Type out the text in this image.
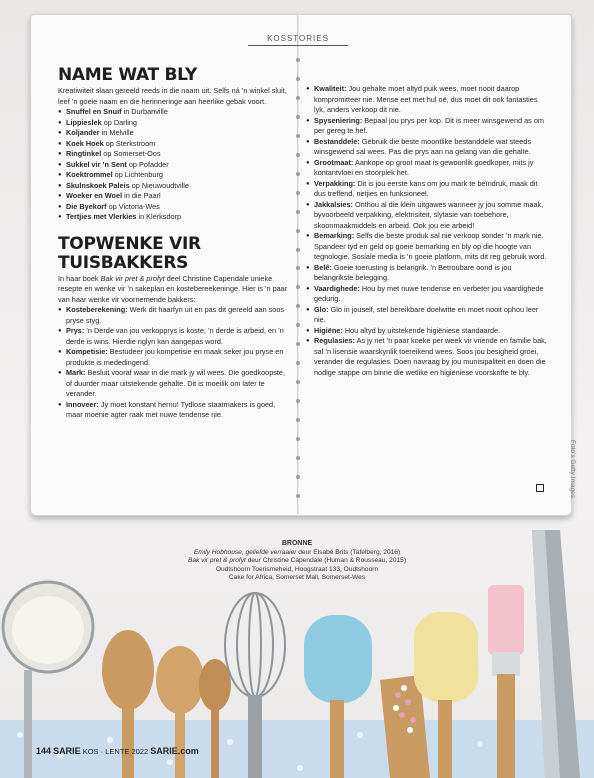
KOSSTORIES
NAME WAT BLY

Kreatiwiteit slaan gereeld reeds in die naam uit. Selfs ná ’n winkel sluit, leef ’n goeie naam en die herinneringe aan heerlike gebak voort.

● Snuffel en Snuif in Durbanville
● Lippieslek op Darling
● Koljander in Melville
● Koek Hoek op Sterkstroom
● Ringtinkel op Somerset-Oos
● Sukkel vir ’n Sent op Pofadder
● Koektrommel op Lichtenburg
● Skulnskoek Paleis op Nieuwoudtville
● Woeker en Woel in die Paarl
● Die Byekorf op Victoria-Wes
● Tertjies met Vlerkies in Klerksdorp
TOPWENKE VIR TUISBAKKERS

In haar boek Bak vir pret & profyt deel Christine Capendale unieke resepte en wenke vir ’n sakeplan en kostebereekeninge. Hier is ’n paar van haar wenke vir voornemende bakkers:

● Kosteberekening: Werk dit haarfyn uit en pas dit gereeld aan soos pryse styg.
● Prys: ’n Derde van jou verkopprys is koste, ’n derde is arbeid, en ’n derde is wins. Hierdie riglyn kan aangepas word.
● Kompetisie: Bestudeer jou kompetisie en maak seker jou pryse en produkte is mededingend.
● Mark: Besluit vooraf waar in die mark jy wil wees. Die goedkoopste, of duurder maar uitstekende gehalte. Dit is moeilik om later te verander.
● Innoveer: Jy moet konstant hernu! Tydlose staatmakers is goed, maar moenie agter raak met nuwe tendense nie.
● Kwaliteit: Jou gehalte moet altyd puik wees, moet nooit daarop kompromitteer nie. Mense eet met hul oë, dus moet dit ook fantasties lyk, anders verkoop dit nie.
● Spyseniering: Bepaal jou prys per kop. Dit is meer winsgewend as om per gereg te hef.
● Bestanddele: Gebruik die beste moontlike bestanddele wat steeds winsgewend sal wees. Pas die prys aan na gelang van die gehalte.
● Grootmaat: Aankope op groot maat is gewoonlik goedkoper, mits jy kontantvloei en stoorplek het.
● Verpakking: Dit is jou eerste kans om jou mark te beïndruk, maak dit dus treffend, netjies en funksioneel.
● Jakkalsies: Onthou al die klein uitgawes wanneer jy jou somme maak, byvoorbeeld verpakking, elektrisiteit, slytasie van toebehore, skoonmaakmiddels en arbeid. Ook jou eie arbeid!
● Bemarking: Selfs die beste produk sal nie verkoop sonder ’n mark nie. Spandeer tyd en geld op goeie bemarking en bly op die hoogte van tegnologie. Sosiale media is ’n goeie platform, mits dit reg gebruik word.
● Belê: Goeie toerusting is belangrik. ’n Betroubare oond is jou belangrikste belegging.
● Vaardighede: Hou by met nuwe tendense en verbeter jou vaardighede gedurig.
● Glo: Glo in jouself, stel bereikbare doelwitte en moet nooit ophou leer nie.
● Higiëne: Hou altyd by uitstekende higiëniese standaarde.
● Regulasies: As jy net ’n paar koeke per week vir vriende en familie bak, sal ’n lisensie waarskynlik toereikend wees. Soos jou besigheid groei, verander die regulasies. Doen navraag by jou munisipaliteit en doen die nodige stappe om binne die wetlike en higiëniese voorskrifte te bly.
Foto’s Getty Images
BRONNE
Emily Hobhouse, geliefde verraaier deur Elsabé Brits (Tafelberg, 2016)
Bak vir pret & profyt deur Christine Capendale (Human & Rousseau, 2015)
Oudtshoorn Toerismeheid, Hoogstraat 133, Oudtshoorn
Cake for Africa, Somerset Mall, Somerset-Wes
144 SARIE KOS · LENTE 2022 SARIE.com
